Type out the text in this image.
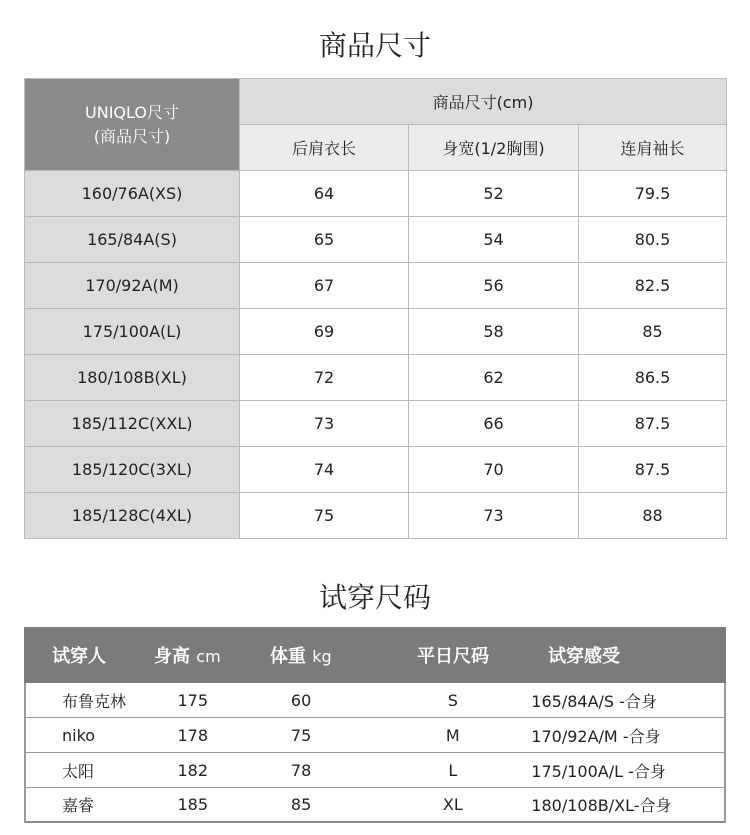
商品尺寸
UNIQLO尺寸
(商品尺寸)	商品尺寸(cm)		
	后肩衣长	身宽(1/2胸围)	连肩袖长
160/76A(XS)	64	52	79.5
165/84A(S)	65	54	80.5
170/92A(M)	67	56	82.5
175/100A(L)	69	58	85
180/108B(XL)	72	62	86.5
185/112C(XXL)	73	66	87.5
185/120C(3XL)	74	70	87.5
185/128C(4XL)	75	73	88
试穿尺码
试穿人	身高 cm	体重 kg	平日尺码	试穿感受
布鲁克林	175	60	S	165/84A/S -合身
niko	178	75	M	170/92A/M -合身
太阳	182	78	L	175/100A/L -合身
嘉睿	185	85	XL	180/108B/XL-合身
